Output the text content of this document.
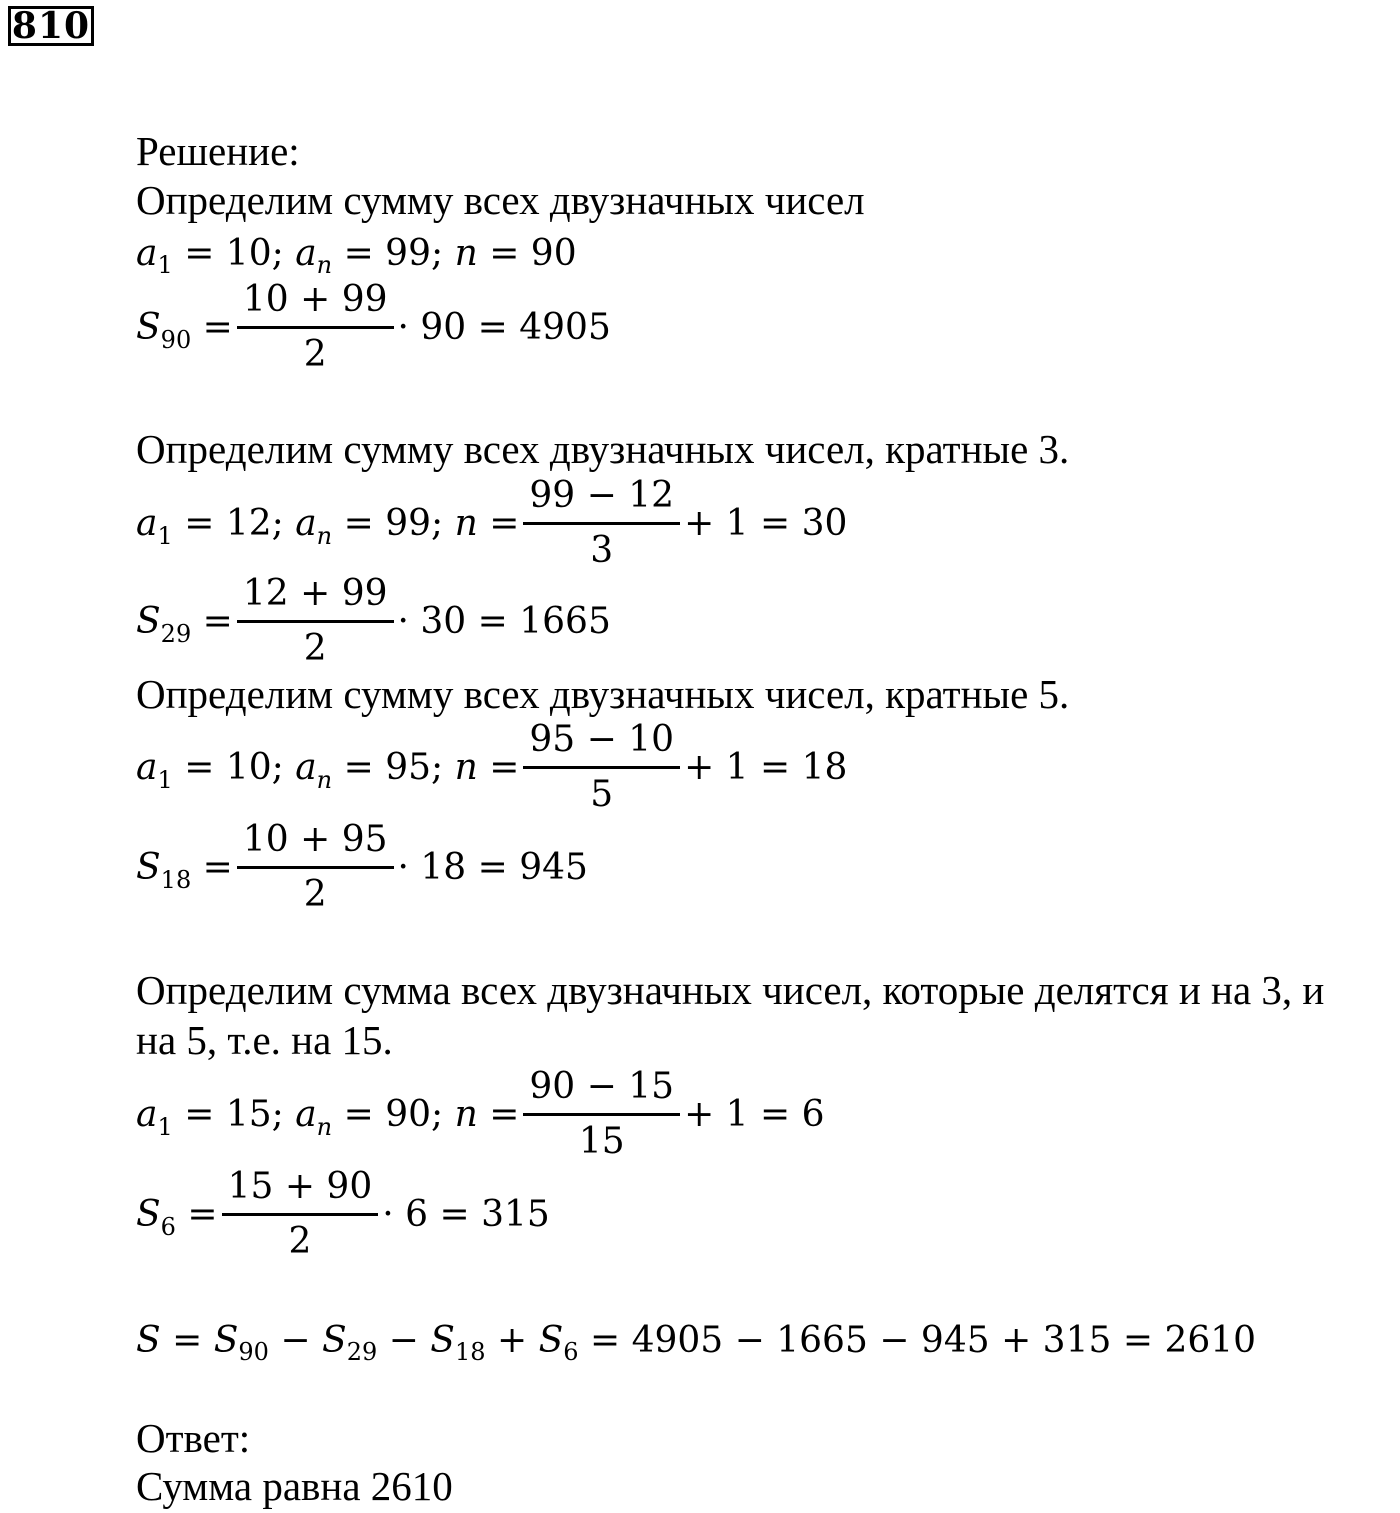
810
Решение:
Определим сумму всех двузначных чисел
a 1 = 10; a n = 99; n = 90
S $90 = \frac{10 + 99}{2} \cdot 90 = 4905$
Определим сумму всех двузначных чисел, кратные 3.
a 1 = 12 ; a n = 99 ; $n = \frac{99 - 12}{3} + 1 = 30$
S $29 = \frac{12 + 99}{2} \cdot 30 = 1665$
Определим сумму всех двузначных чисел, кратные 5.
a 1 = 10 ; a n = 95 ; $n = \frac{95 - 10}{5} + 1 = 18$
S $18 = \frac{10 + 95}{2} \cdot 18 = 945$
Определим сумма всех двузначных чисел, которые делятся и на 3, и
на 5, т.е. на 15.
a 1 = 15 ; a n = 90 ; $n = \frac{90 - 15}{15} + 1 = 6$
S $6 = \frac{15 + 90}{2} \cdot 6 = 315$
S = S 90 − S 29 − S 18 + S 6 = 4905 − 1665 − 945 + 315 = 2610
Ответ:
Сумма равна 2610
